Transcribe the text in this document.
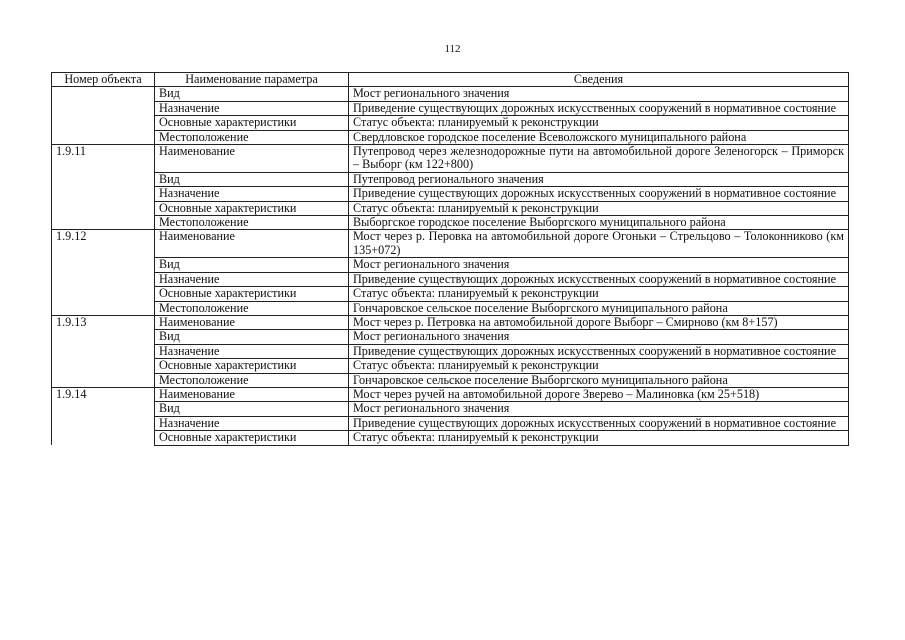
112
Номер объекта	Наименование параметра	Сведения
	Вид	Мост регионального значения
	Назначение	Приведение существующих дорожных искусственных сооружений в нормативное состояние
	Основные характеристики	Статус объекта: планируемый к реконструкции
	Местоположение	Свердловское городское поселение Всеволожского муниципального района
1.9.11	Наименование	Путепровод через железнодорожные пути на автомобильной дороге Зеленогорск – Приморск – Выборг (км 122+800)
	Вид	Путепровод регионального значения
	Назначение	Приведение существующих дорожных искусственных сооружений в нормативное состояние
	Основные характеристики	Статус объекта: планируемый к реконструкции
	Местоположение	Выборгское городское поселение Выборгского муниципального района
1.9.12	Наименование	Мост через р. Перовка на автомобильной дороге Огоньки – Стрельцово – Толоконниково (км 135+072)
	Вид	Мост регионального значения
	Назначение	Приведение существующих дорожных искусственных сооружений в нормативное состояние
	Основные характеристики	Статус объекта: планируемый к реконструкции
	Местоположение	Гончаровское сельское поселение Выборгского муниципального района
1.9.13	Наименование	Мост через р. Петровка на автомобильной дороге Выборг – Смирново (км 8+157)
	Вид	Мост регионального значения
	Назначение	Приведение существующих дорожных искусственных сооружений в нормативное состояние
	Основные характеристики	Статус объекта: планируемый к реконструкции
	Местоположение	Гончаровское сельское поселение Выборгского муниципального района
1.9.14	Наименование	Мост через ручей на автомобильной дороге Зверево – Малиновка (км 25+518)
	Вид	Мост регионального значения
	Назначение	Приведение существующих дорожных искусственных сооружений в нормативное состояние
	Основные характеристики	Статус объекта: планируемый к реконструкции
